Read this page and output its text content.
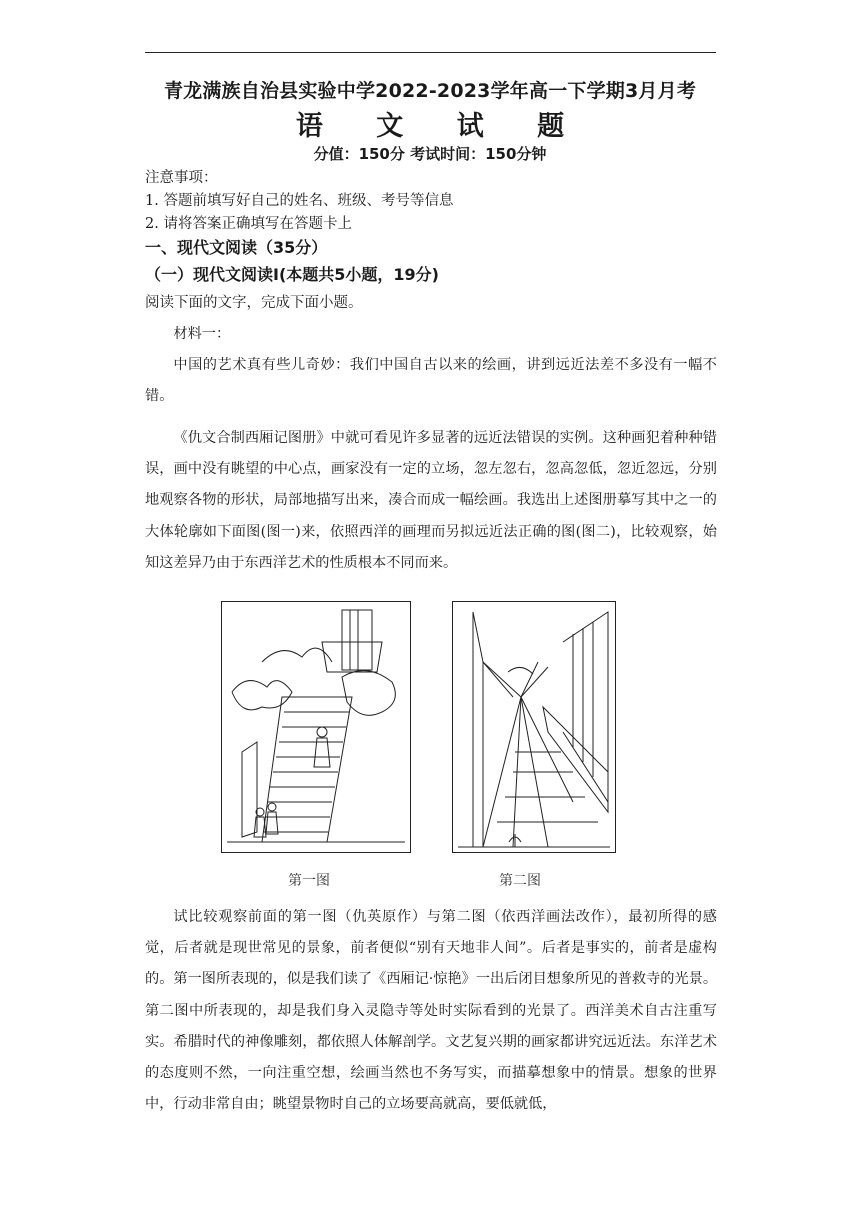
青龙满族自治县实验中学2022-2023学年高一下学期3月月考
语 文 试 题
分值：150分 考试时间：150分钟
注意事项：
1. 答题前填写好自己的姓名、班级、考号等信息
2. 请将答案正确填写在答题卡上
一、现代文阅读（35分）
（一）现代文阅读Ⅰ(本题共5小题，19分)
阅读下面的文字，完成下面小题。
材料一：
中国的艺术真有些儿奇妙：我们中国自古以来的绘画，讲到远近法差不多没有一幅不错。
《仇文合制西厢记图册》中就可看见许多显著的远近法错误的实例。这种画犯着种种错误，画中没有眺望的中心点，画家没有一定的立场，忽左忽右，忽高忽低，忽近忽远，分别地观察各物的形状，局部地描写出来，凑合而成一幅绘画。我选出上述图册摹写其中之一的大体轮廓如下面图(图一)来，依照西洋的画理而另拟远近法正确的图(图二)，比较观察，始知这差异乃由于东西洋艺术的性质根本不同而来。
第一图	第二图
试比较观察前面的第一图（仇英原作）与第二图（依西洋画法改作），最初所得的感觉，后者就是现世常见的景象，前者便似“别有天地非人间”。后者是事实的，前者是虚构的。第一图所表现的，似是我们读了《西厢记·惊艳》一出后闭目想象所见的普救寺的光景。第二图中所表现的，却是我们身入灵隐寺等处时实际看到的光景了。西洋美术自古注重写实。希腊时代的神像雕刻，都依照人体解剖学。文艺复兴期的画家都讲究远近法。东洋艺术的态度则不然，一向注重空想，绘画当然也不务写实，而描摹想象中的情景。想象的世界中，行动非常自由；眺望景物时自己的立场要高就高，要低就低，
